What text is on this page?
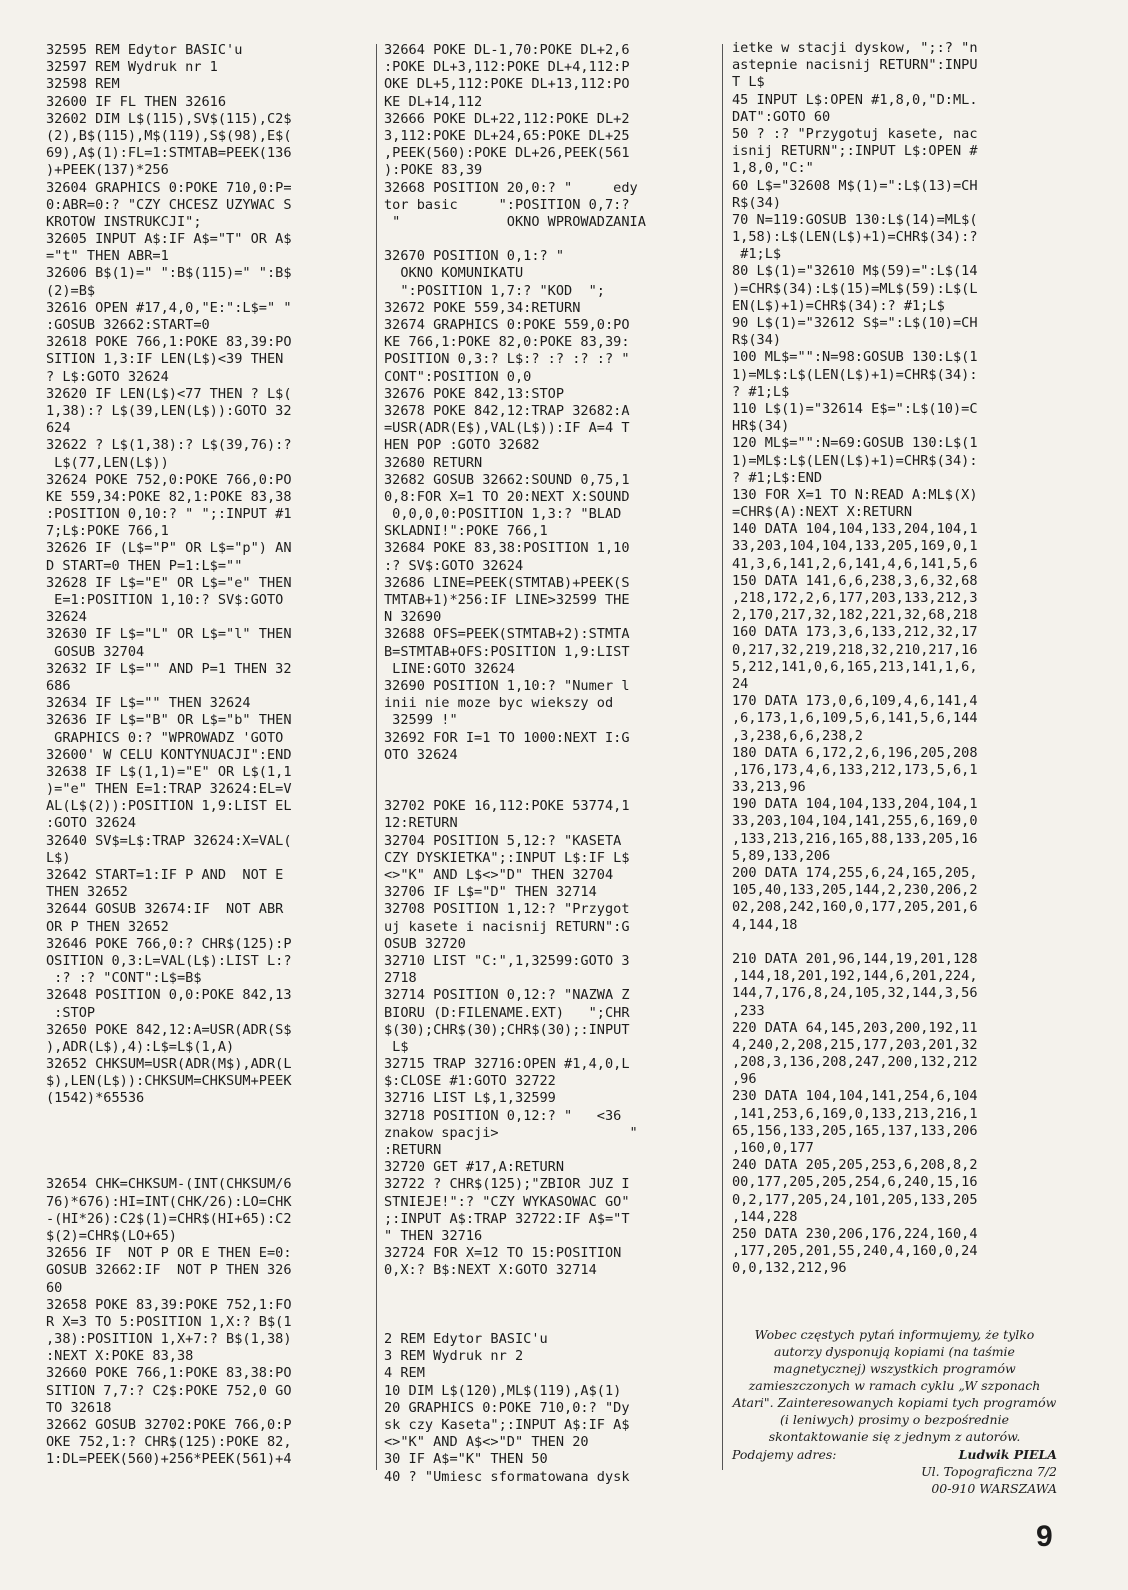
32595 REM Edytor BASIC'u
32597 REM Wydruk nr 1
32598 REM
32600 IF FL THEN 32616
32602 DIM L$(115),SV$(115),C2$
(2),B$(115),M$(119),S$(98),E$(
69),A$(1):FL=1:STMTAB=PEEK(136
)+PEEK(137)*256
32604 GRAPHICS 0:POKE 710,0:P=
0:ABR=0:? "CZY CHCESZ UZYWAC S
KROTOW INSTRUKCJI";
32605 INPUT A$:IF A$="T" OR A$
="t" THEN ABR=1
32606 B$(1)=" ":B$(115)=" ":B$
(2)=B$
32616 OPEN #17,4,0,"E:":L$=" "
:GOSUB 32662:START=0
32618 POKE 766,1:POKE 83,39:PO
SITION 1,3:IF LEN(L$)<39 THEN
? L$:GOTO 32624
32620 IF LEN(L$)<77 THEN ? L$(
1,38):? L$(39,LEN(L$)):GOTO 32
624
32622 ? L$(1,38):? L$(39,76):?
L$(77,LEN(L$))
32624 POKE 752,0:POKE 766,0:PO
KE 559,34:POKE 82,1:POKE 83,38
:POSITION 0,10:? " ";:INPUT #1
7;L$:POKE 766,1
32626 IF (L$="P" OR L$="p") AN
D START=0 THEN P=1:L$=""
32628 IF L$="E" OR L$="e" THEN
E=1:POSITION 1,10:? SV$:GOTO
32624
32630 IF L$="L" OR L$="l" THEN
GOSUB 32704
32632 IF L$="" AND P=1 THEN 32
686
32634 IF L$="" THEN 32624
32636 IF L$="B" OR L$="b" THEN
GRAPHICS 0:? "WPROWADZ 'GOTO
32600' W CELU KONTYNUACJI":END
32638 IF L$(1,1)="E" OR L$(1,1
)="e" THEN E=1:TRAP 32624:EL=V
AL(L$(2)):POSITION 1,9:LIST EL
:GOTO 32624
32640 SV$=L$:TRAP 32624:X=VAL(
L$)
32642 START=1:IF P AND  NOT E
THEN 32652
32644 GOSUB 32674:IF  NOT ABR
OR P THEN 32652
32646 POKE 766,0:? CHR$(125):P
OSITION 0,3:L=VAL(L$):LIST L:?
:? :? "CONT":L$=B$
32648 POSITION 0,0:POKE 842,13
:STOP
32650 POKE 842,12:A=USR(ADR(S$
),ADR(L$),4):L$=L$(1,A)
32652 CHKSUM=USR(ADR(M$),ADR(L
$),LEN(L$)):CHKSUM=CHKSUM+PEEK
(1542)*65536
32654 CHK=CHKSUM-(INT(CHKSUM/6
76)*676):HI=INT(CHK/26):LO=CHK
-(HI*26):C2$(1)=CHR$(HI+65):C2
$(2)=CHR$(LO+65)
32656 IF  NOT P OR E THEN E=0:
GOSUB 32662:IF  NOT P THEN 326
60
32658 POKE 83,39:POKE 752,1:FO
R X=3 TO 5:POSITION 1,X:? B$(1
,38):POSITION 1,X+7:? B$(1,38)
:NEXT X:POKE 83,38
32660 POKE 766,1:POKE 83,38:PO
SITION 7,7:? C2$:POKE 752,0 GO
TO 32618
32662 GOSUB 32702:POKE 766,0:P
OKE 752,1:? CHR$(125):POKE 82,
1:DL=PEEK(560)+256*PEEK(561)+4
32664 POKE DL-1,70:POKE DL+2,6
:POKE DL+3,112:POKE DL+4,112:P
OKE DL+5,112:POKE DL+13,112:PO
KE DL+14,112
32666 POKE DL+22,112:POKE DL+2
3,112:POKE DL+24,65:POKE DL+25
,PEEK(560):POKE DL+26,PEEK(561
):POKE 83,39
32668 POSITION 20,0:? "     edy
tor basic     ":POSITION 0,7:?
"             OKNO WPROWADZANIA
32670 POSITION 0,1:? "
OKNO KOMUNIKATU
":POSITION 1,7:? "KOD  ";
32672 POKE 559,34:RETURN
32674 GRAPHICS 0:POKE 559,0:PO
KE 766,1:POKE 82,0:POKE 83,39:
POSITION 0,3:? L$:? :? :? :? "
CONT":POSITION 0,0
32676 POKE 842,13:STOP
32678 POKE 842,12:TRAP 32682:A
=USR(ADR(E$),VAL(L$)):IF A=4 T
HEN POP :GOTO 32682
32680 RETURN
32682 GOSUB 32662:SOUND 0,75,1
0,8:FOR X=1 TO 20:NEXT X:SOUND
0,0,0,0:POSITION 1,3:? "BLAD
SKLADNI!":POKE 766,1
32684 POKE 83,38:POSITION 1,10
:? SV$:GOTO 32624
32686 LINE=PEEK(STMTAB)+PEEK(S
TMTAB+1)*256:IF LINE>32599 THE
N 32690
32688 OFS=PEEK(STMTAB+2):STMTA
B=STMTAB+OFS:POSITION 1,9:LIST
LINE:GOTO 32624
32690 POSITION 1,10:? "Numer l
inii nie moze byc wiekszy od
32599 !"
32692 FOR I=1 TO 1000:NEXT I:G
OTO 32624
32702 POKE 16,112:POKE 53774,1
12:RETURN
32704 POSITION 5,12:? "KASETA
CZY DYSKIETKA";:INPUT L$:IF L$
<>"K" AND L$<>"D" THEN 32704
32706 IF L$="D" THEN 32714
32708 POSITION 1,12:? "Przygot
uj kasete i nacisnij RETURN":G
OSUB 32720
32710 LIST "C:",1,32599:GOTO 3
2718
32714 POSITION 0,12:? "NAZWA Z
BIORU (D:FILENAME.EXT)   ";CHR
$(30);CHR$(30);CHR$(30);:INPUT
L$
32715 TRAP 32716:OPEN #1,4,0,L
$:CLOSE #1:GOTO 32722
32716 LIST L$,1,32599
32718 POSITION 0,12:? "   <36
znakow spacji>                "
:RETURN
32720 GET #17,A:RETURN
32722 ? CHR$(125);"ZBIOR JUZ I
STNIEJE!":? "CZY WYKASOWAC GO"
;:INPUT A$:TRAP 32722:IF A$="T
" THEN 32716
32724 FOR X=12 TO 15:POSITION
0,X:? B$:NEXT X:GOTO 32714
2 REM Edytor BASIC'u
3 REM Wydruk nr 2
4 REM
10 DIM L$(120),ML$(119),A$(1)
20 GRAPHICS 0:POKE 710,0:? "Dy
sk czy Kaseta";:INPUT A$:IF A$
<>"K" AND A$<>"D" THEN 20
30 IF A$="K" THEN 50
40 ? "Umiesc sformatowana dysk
ietke w stacji dyskow, ";:? "n
astepnie nacisnij RETURN":INPU
T L$
45 INPUT L$:OPEN #1,8,0,"D:ML.
DAT":GOTO 60
50 ? :? "Przygotuj kasete, nac
isnij RETURN";:INPUT L$:OPEN #
1,8,0,"C:"
60 L$="32608 M$(1)=":L$(13)=CH
R$(34)
70 N=119:GOSUB 130:L$(14)=ML$(
1,58):L$(LEN(L$)+1)=CHR$(34):?
#1;L$
80 L$(1)="32610 M$(59)=":L$(14
)=CHR$(34):L$(15)=ML$(59):L$(L
EN(L$)+1)=CHR$(34):? #1;L$
90 L$(1)="32612 S$=":L$(10)=CH
R$(34)
100 ML$="":N=98:GOSUB 130:L$(1
1)=ML$:L$(LEN(L$)+1)=CHR$(34):
? #1;L$
110 L$(1)="32614 E$=":L$(10)=C
HR$(34)
120 ML$="":N=69:GOSUB 130:L$(1
1)=ML$:L$(LEN(L$)+1)=CHR$(34):
? #1;L$:END
130 FOR X=1 TO N:READ A:ML$(X)
=CHR$(A):NEXT X:RETURN
140 DATA 104,104,133,204,104,1
33,203,104,104,133,205,169,0,1
41,3,6,141,2,6,141,4,6,141,5,6
150 DATA 141,6,6,238,3,6,32,68
,218,172,2,6,177,203,133,212,3
2,170,217,32,182,221,32,68,218
160 DATA 173,3,6,133,212,32,17
0,217,32,219,218,32,210,217,16
5,212,141,0,6,165,213,141,1,6,
24
170 DATA 173,0,6,109,4,6,141,4
,6,173,1,6,109,5,6,141,5,6,144
,3,238,6,6,238,2
180 DATA 6,172,2,6,196,205,208
,176,173,4,6,133,212,173,5,6,1
33,213,96
190 DATA 104,104,133,204,104,1
33,203,104,104,141,255,6,169,0
,133,213,216,165,88,133,205,16
5,89,133,206
200 DATA 174,255,6,24,165,205,
105,40,133,205,144,2,230,206,2
02,208,242,160,0,177,205,201,6
4,144,18
210 DATA 201,96,144,19,201,128
,144,18,201,192,144,6,201,224,
144,7,176,8,24,105,32,144,3,56
,233
220 DATA 64,145,203,200,192,11
4,240,2,208,215,177,203,201,32
,208,3,136,208,247,200,132,212
,96
230 DATA 104,104,141,254,6,104
,141,253,6,169,0,133,213,216,1
65,156,133,205,165,137,133,206
,160,0,177
240 DATA 205,205,253,6,208,8,2
00,177,205,205,254,6,240,15,16
0,2,177,205,24,101,205,133,205
,144,228
250 DATA 230,206,176,224,160,4
,177,205,201,55,240,4,160,0,24
0,0,132,212,96
Wobec częstych pytań informujemy, że tylko autorzy dysponują kopiami (na taśmie magnetycznej) wszystkich programów zamieszczonych w ramach cyklu „W szponach Atari". Zainteresowanych kopiami tych programów (i leniwych) prosimy o bezpośrednie skontaktowanie się z jednym z autorów.
Podajemy adres:	Ludwik PIELA
Ul. Topograficzna 7/2
00-910 WARSZAWA
9
